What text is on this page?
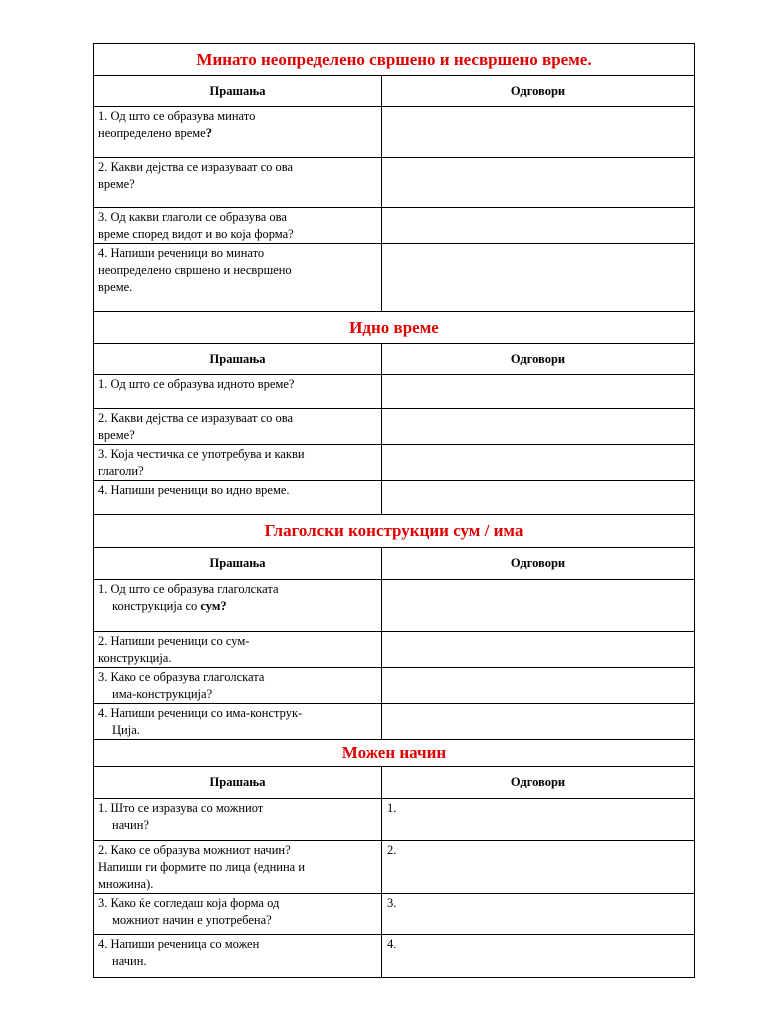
Минато неопределено свршено и несвршено време.	
Прашања	Одговори

1. Од што се образува минато
неопределено време?	

2. Какви дејства се изразуваат со ова
време?	

3. Од какви глаголи се образува ова
време според видот и во која форма?	

4. Напиши реченици во минато
неопределено свршено и несвршено
време.	

Идно време	
Прашања	Одговори

1. Од што се образува идното време?	

2. Какви дејства се изразуваат со ова
време?	

3. Која честичка се употребува и какви
глаголи?	

4. Напиши реченици во идно време.	

Глаголски конструкции сум / има	
Прашања	Одговори

1. Од што се образува глаголската
конструкција со сум?	

2. Напиши реченици со сум-
конструкција.	

3. Како се образува глаголската
има-конструкција?	

4. Напиши реченици со има-конструк-
Ција.	

Можен начин	
Прашања	Одговори

1. Што се изразува со можниот
начин?	1.

2. Како се образува можниот начин?
Напиши ги формите по лица (еднина и
множина).	2.

3. Како ќе согледаш која форма од
можниот начин е употребена?	3.

4. Напиши реченица со можен
начин.	4.
